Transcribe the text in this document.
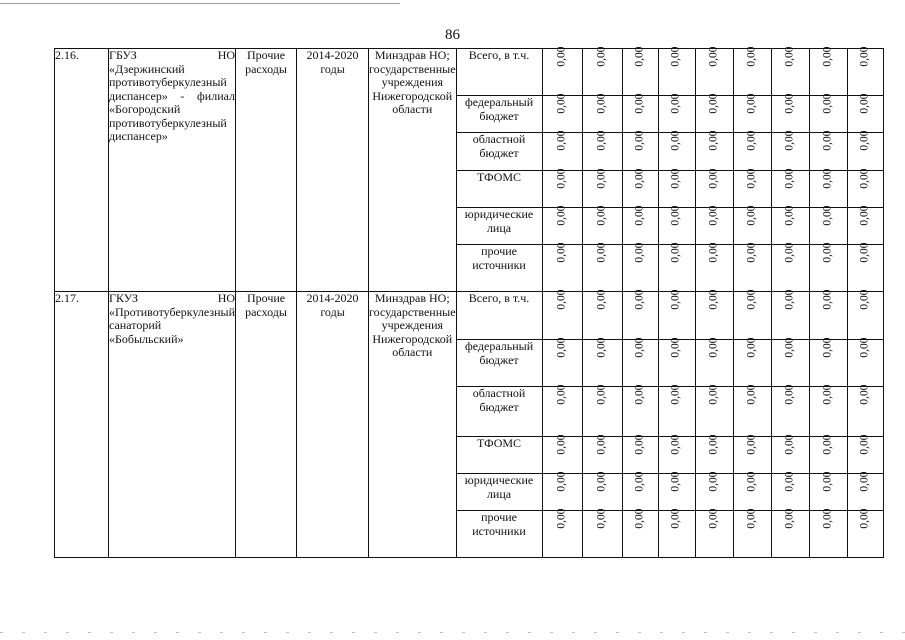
86
2.16.	ГБУЗ НО «Дзержинский противотуберкулезный диспансер» - филиал «Богородский противотуберкулезный диспансер»	Прочие расходы	2014-2020 годы	Минздрав НО; государственные учреждения Нижегородской области	Всего, в т.ч.	0,00	0,00	0,00	0,00	0,00	0,00	0,00	0,00	0,00
					федеральный бюджет	0,00	0,00	0,00	0,00	0,00	0,00	0,00	0,00	0,00
					областной бюджет	0,00	0,00	0,00	0,00	0,00	0,00	0,00	0,00	0,00
					ТФОМС	0,00	0,00	0,00	0,00	0,00	0,00	0,00	0,00	0,00
					юридические лица	0,00	0,00	0,00	0,00	0,00	0,00	0,00	0,00	0,00
					прочие источники	0,00	0,00	0,00	0,00	0,00	0,00	0,00	0,00	0,00

2.17.	ГКУЗ НО «Противотуберкулезный санаторий «Бобыльский»	Прочие расходы	2014-2020 годы	Минздрав НО; государственные учреждения Нижегородской области	Всего, в т.ч.	0,00	0,00	0,00	0,00	0,00	0,00	0,00	0,00	0,00
					федеральный бюджет	0,00	0,00	0,00	0,00	0,00	0,00	0,00	0,00	0,00
					областной бюджет	0,00	0,00	0,00	0,00	0,00	0,00	0,00	0,00	0,00
					ТФОМС	0,00	0,00	0,00	0,00	0,00	0,00	0,00	0,00	0,00
					юридические лица	0,00	0,00	0,00	0,00	0,00	0,00	0,00	0,00	0,00
					прочие источники	0,00	0,00	0,00	0,00	0,00	0,00	0,00	0,00	0,00
